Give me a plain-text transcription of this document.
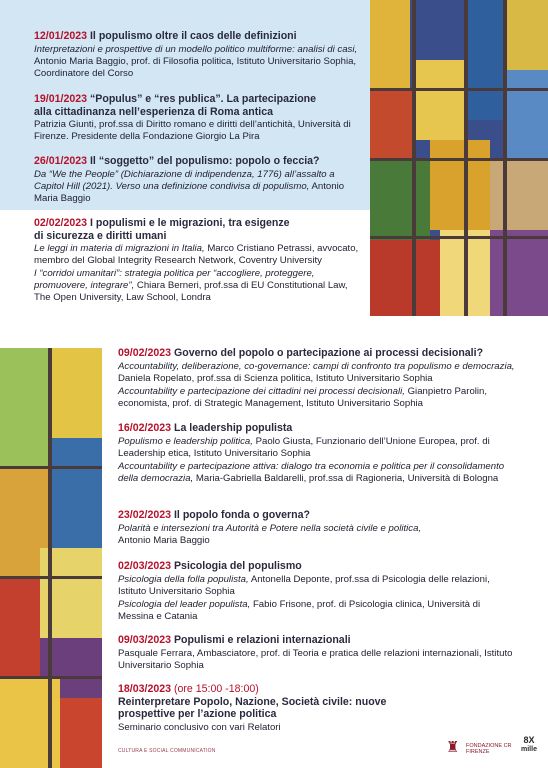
12/01/2023 Il populismo oltre il caos delle definizioni

Interpretazioni e prospettive di un modello politico multiforme: analisi di casi, Antonio Maria Baggio, prof. di Filosofia politica, Istituto Universitario Sophia, Coordinatore del Corso

19/01/2023 “Populus” e “res publica”. La partecipazione
alla cittadinanza nell’esperienza di Roma antica

Patrizia Giunti, prof.ssa di Diritto romano e diritti dell’antichità, Università di Firenze. Presidente della Fondazione Giorgio La Pira

26/01/2023 Il “soggetto” del populismo: popolo o feccia?

Da “We the People” (Dichiarazione di indipendenza, 1776) all’assalto a Capitol Hill (2021). Verso una definizione condivisa di populismo, Antonio Maria Baggio

02/02/2023 I populismi e le migrazioni, tra esigenze
di sicurezza e diritti umani

Le leggi in materia di migrazioni in Italia, Marco Cristiano Petrassi, avvocato, membro del Global Integrity Research Network, Coventry University

I “corridoi umanitari”: strategia politica per “accogliere, proteggere, promuovere, integrare”, Chiara Berneri, prof.ssa di EU Constitutional Law, The Open University, Law School, Londra

09/02/2023 Governo del popolo o partecipazione ai processi decisionali?

Accountability, deliberazione, co-governance: campi di confronto tra populismo e democrazia, Daniela Ropelato, prof.ssa di Scienza politica, Istituto Universitario Sophia

Accountability e partecipazione dei cittadini nei processi decisionali, Gianpietro Parolin, economista, prof. di Strategic Management, Istituto Universitario Sophia

16/02/2023 La leadership populista

Populismo e leadership politica, Paolo Giusta, Funzionario dell’Unione Europea, prof. di Leadership etica, Istituto Universitario Sophia

Accountability e partecipazione attiva: dialogo tra economia e politica per il consolidamento della democrazia, Maria-Gabriella Baldarelli, prof.ssa di Ragioneria, Università di Bologna

23/02/2023 Il popolo fonda o governa?

Polarità e intersezioni tra Autorità e Potere nella società civile e politica,
Antonio Maria Baggio

02/03/2023 Psicologia del populismo

Psicologia della folla populista, Antonella Deponte, prof.ssa di Psicologia delle relazioni, Istituto Universitario Sophia

Psicologia del leader populista, Fabio Frisone, prof. di Psicologia clinica, Università di Messina e Catania

09/03/2023 Populismi e relazioni internazionali

Pasquale Ferrara, Ambasciatore, prof. di Teoria e pratica delle relazioni internazionali, Istituto Universitario Sophia

18/03/2023 (ore 15:00 -18:00)
Reinterpretare Popolo, Nazione, Società civile: nuove
prospettive per l’azione politica

Seminario conclusivo con vari Relatori

CULTURA E SOCIAL COMMUNICATION	♜	FONDAZIONE CR FIRENZE
8X
mille
